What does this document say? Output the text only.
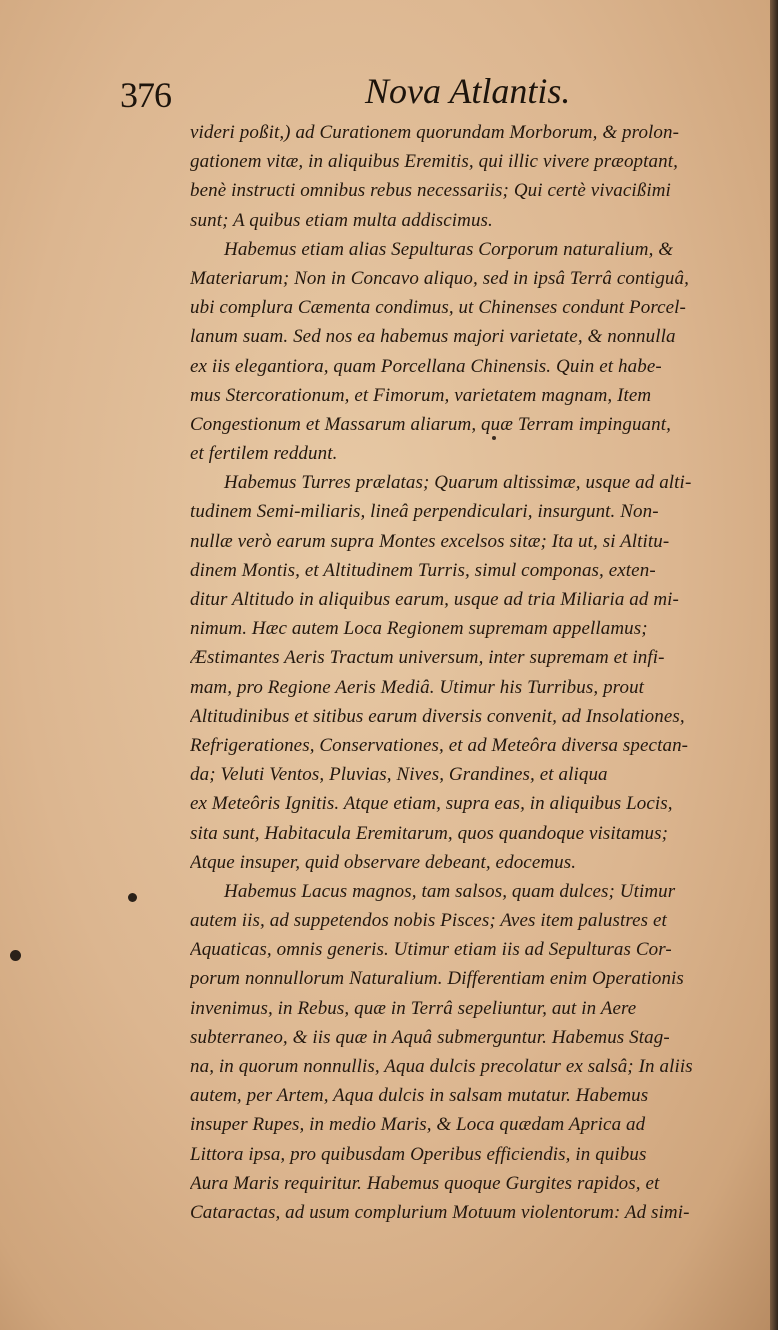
376	Nova Atlantis.
videri poßit,) ad Curationem quorundam Morborum, & prolon-
gationem vitæ, in aliquibus Eremitis, qui illic vivere præoptant,
benè instructi omnibus rebus necessariis; Qui certè vivacißimi
sunt; A quibus etiam multa addiscimus.
Habemus etiam alias Sepulturas Corporum naturalium, &
Materiarum; Non in Concavo aliquo, sed in ipsâ Terrâ contiguâ,
ubi complura Cæmenta condimus, ut Chinenses condunt Porcel-
lanum suam. Sed nos ea habemus majori varietate, & nonnulla
ex iis elegantiora, quam Porcellana Chinensis. Quin et habe-
mus Stercorationum, et Fimorum, varietatem magnam, Item
Congestionum et Massarum aliarum, quæ Terram impinguant,
et fertilem reddunt.
Habemus Turres prælatas; Quarum altissimæ, usque ad alti-
tudinem Semi-miliaris, lineâ perpendiculari, insurgunt. Non-
nullæ verò earum supra Montes excelsos sitæ; Ita ut, si Altitu-
dinem Montis, et Altitudinem Turris, simul componas, exten-
ditur Altitudo in aliquibus earum, usque ad tria Miliaria ad mi-
nimum. Hæc autem Loca Regionem supremam appellamus;
Æstimantes Aeris Tractum universum, inter supremam et infi-
mam, pro Regione Aeris Mediâ. Utimur his Turribus, prout
Altitudinibus et sitibus earum diversis convenit, ad Insolationes,
Refrigerationes, Conservationes, et ad Meteôra diversa spectan-
da; Veluti Ventos, Pluvias, Nives, Grandines, et aliqua
ex Meteôris Ignitis. Atque etiam, supra eas, in aliquibus Locis,
sita sunt, Habitacula Eremitarum, quos quandoque visitamus;
Atque insuper, quid observare debeant, edocemus.
Habemus Lacus magnos, tam salsos, quam dulces; Utimur
autem iis, ad suppetendos nobis Pisces; Aves item palustres et
Aquaticas, omnis generis. Utimur etiam iis ad Sepulturas Cor-
porum nonnullorum Naturalium. Differentiam enim Operationis
invenimus, in Rebus, quæ in Terrâ sepeliuntur, aut in Aere
subterraneo, & iis quæ in Aquâ submerguntur. Habemus Stag-
na, in quorum nonnullis, Aqua dulcis precolatur ex salsâ; In aliis
autem, per Artem, Aqua dulcis in salsam mutatur. Habemus
insuper Rupes, in medio Maris, & Loca quædam Aprica ad
Littora ipsa, pro quibusdam Operibus efficiendis, in quibus
Aura Maris requiritur. Habemus quoque Gurgites rapidos, et
Cataractas, ad usum complurium Motuum violentorum: Ad simi-
